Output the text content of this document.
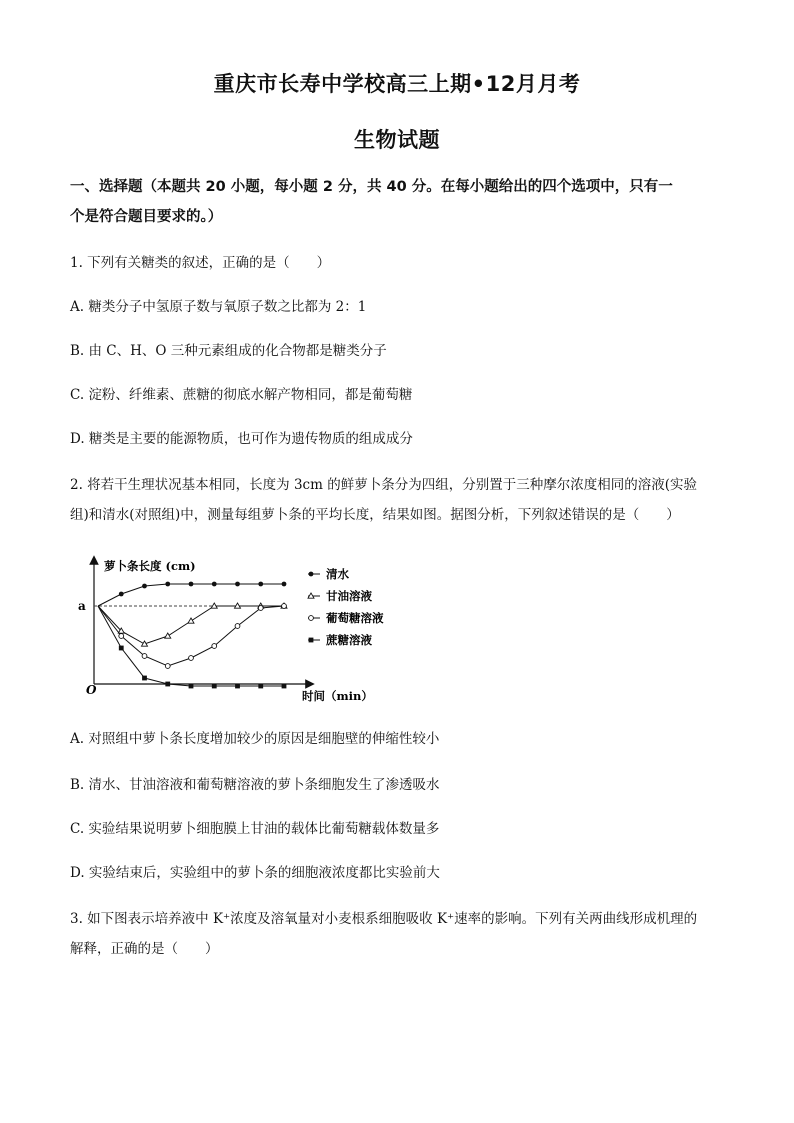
重庆市长寿中学校高三上期•12月月考
生物试题
一、选择题（本题共 20 小题，每小题 2 分，共 40 分。在每小题给出的四个选项中，只有一
个是符合题目要求的。）
1. 下列有关糖类的叙述，正确的是（　　）
A. 糖类分子中氢原子数与氧原子数之比都为 2：1
B. 由 C、H、O 三种元素组成的化合物都是糖类分子
C. 淀粉、纤维素、蔗糖的彻底水解产物相同，都是葡萄糖
D. 糖类是主要的能源物质，也可作为遗传物质的组成成分
2. 将若干生理状况基本相同，长度为 3cm 的鲜萝卜条分为四组，分别置于三种摩尔浓度相同的溶液(实验
组)和清水(对照组)中，测量每组萝卜条的平均长度，结果如图。据图分析，下列叙述错误的是（　　）
萝卜条长度 (cm)
时间（min）
O
a
清水
甘油溶液
葡萄糖溶液
蔗糖溶液
A. 对照组中萝卜条长度增加较少的原因是细胞壁的伸缩性较小
B. 清水、甘油溶液和葡萄糖溶液的萝卜条细胞发生了渗透吸水
C. 实验结果说明萝卜细胞膜上甘油的载体比葡萄糖载体数量多
D. 实验结束后，实验组中的萝卜条的细胞液浓度都比实验前大
3. 如下图表示培养液中 K⁺浓度及溶氧量对小麦根系细胞吸收 K⁺速率的影响。下列有关两曲线形成机理的
解释，正确的是（　　）
